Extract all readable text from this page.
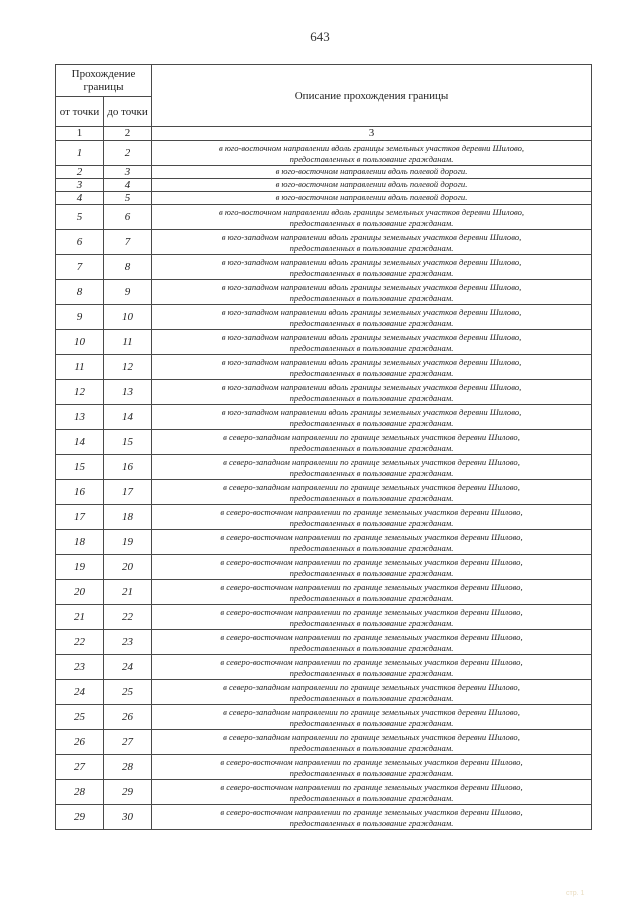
643
Прохождение границы		Описание прохождения границы
от точки	до точки	
1	2	3
1	2	в юго-восточном направлении вдоль границы земельных участков деревни Шилово,
предоставленных в пользование гражданам.

2	3	в юго-восточном направлении вдоль полевой дороги.

3	4	в юго-восточном направлении вдоль полевой дороги.

4	5	в юго-восточном направлении вдоль полевой дороги.

5	6	в юго-восточном направлении вдоль границы земельных участков деревни Шилово,
предоставленных в пользование гражданам.

6	7	в юго-западном направлении вдоль границы земельных участков деревни Шилово,
предоставленных в пользование гражданам.

7	8	в юго-западном направлении вдоль границы земельных участков деревни Шилово,
предоставленных в пользование гражданам.

8	9	в юго-западном направлении вдоль границы земельных участков деревни Шилово,
предоставленных в пользование гражданам.

9	10	в юго-западном направлении вдоль границы земельных участков деревни Шилово,
предоставленных в пользование гражданам.

10	11	в юго-западном направлении вдоль границы земельных участков деревни Шилово,
предоставленных в пользование гражданам.

11	12	в юго-западном направлении вдоль границы земельных участков деревни Шилово,
предоставленных в пользование гражданам.

12	13	в юго-западном направлении вдоль границы земельных участков деревни Шилово,
предоставленных в пользование гражданам.

13	14	в юго-западном направлении вдоль границы земельных участков деревни Шилово,
предоставленных в пользование гражданам.

14	15	в северо-западном направлении по границе земельных участков деревни Шилово,
предоставленных в пользование гражданам.

15	16	в северо-западном направлении по границе земельных участков деревни Шилово,
предоставленных в пользование гражданам.

16	17	в северо-западном направлении по границе земельных участков деревни Шилово,
предоставленных в пользование гражданам.

17	18	в северо-восточном направлении по границе земельных участков деревни Шилово,
предоставленных в пользование гражданам.

18	19	в северо-восточном направлении по границе земельных участков деревни Шилово,
предоставленных в пользование гражданам.

19	20	в северо-восточном направлении по границе земельных участков деревни Шилово,
предоставленных в пользование гражданам.

20	21	в северо-восточном направлении по границе земельных участков деревни Шилово,
предоставленных в пользование гражданам.

21	22	в северо-восточном направлении по границе земельных участков деревни Шилово,
предоставленных в пользование гражданам.

22	23	в северо-восточном направлении по границе земельных участков деревни Шилово,
предоставленных в пользование гражданам.

23	24	в северо-восточном направлении по границе земельных участков деревни Шилово,
предоставленных в пользование гражданам.

24	25	в северо-западном направлении по границе земельных участков деревни Шилово,
предоставленных в пользование гражданам.

25	26	в северо-западном направлении по границе земельных участков деревни Шилово,
предоставленных в пользование гражданам.

26	27	в северо-западном направлении по границе земельных участков деревни Шилово,
предоставленных в пользование гражданам.

27	28	в северо-восточном направлении по границе земельных участков деревни Шилово,
предоставленных в пользование гражданам.

28	29	в северо-восточном направлении по границе земельных участков деревни Шилово,
предоставленных в пользование гражданам.

29	30	в северо-восточном направлении по границе земельных участков деревни Шилово,
предоставленных в пользование гражданам.
стр. 1
